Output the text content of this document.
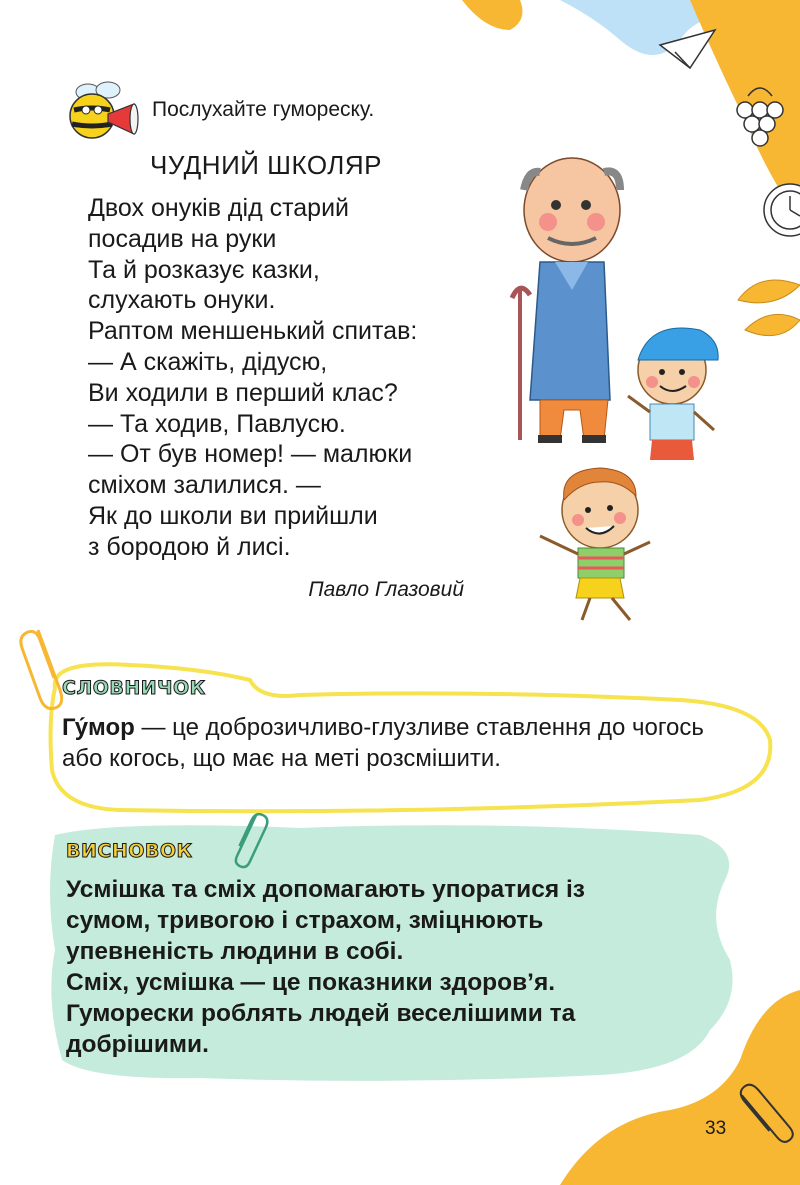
Послухайте гумореску.
ЧУДНИЙ ШКОЛЯР
Двох онуків дід старий
посадив на руки
Та й розказує казки,
слухають онуки.
Раптом меншенький спитав:
— А скажіть, дідусю,
Ви ходили в перший клас?
— Та ходив, Павлусю.
— От був номер! — малюки
сміхом залилися. —
Як до школи ви прийшли
з бородою й лисі.
Павло Глазовий
СЛОВНИЧОК
Гу́мор — це доброзичливо-глузливе ставлення до чогось або когось, що має на меті розсмішити.
ВИСНОВОК
Усмішка та сміх допомагають упоратися із
сумом, тривогою і страхом, зміцнюють
упевненість людини в собі.
Сміх, усмішка — це показники здоров’я.
Гуморески роблять людей веселішими та
добрішими.
33
